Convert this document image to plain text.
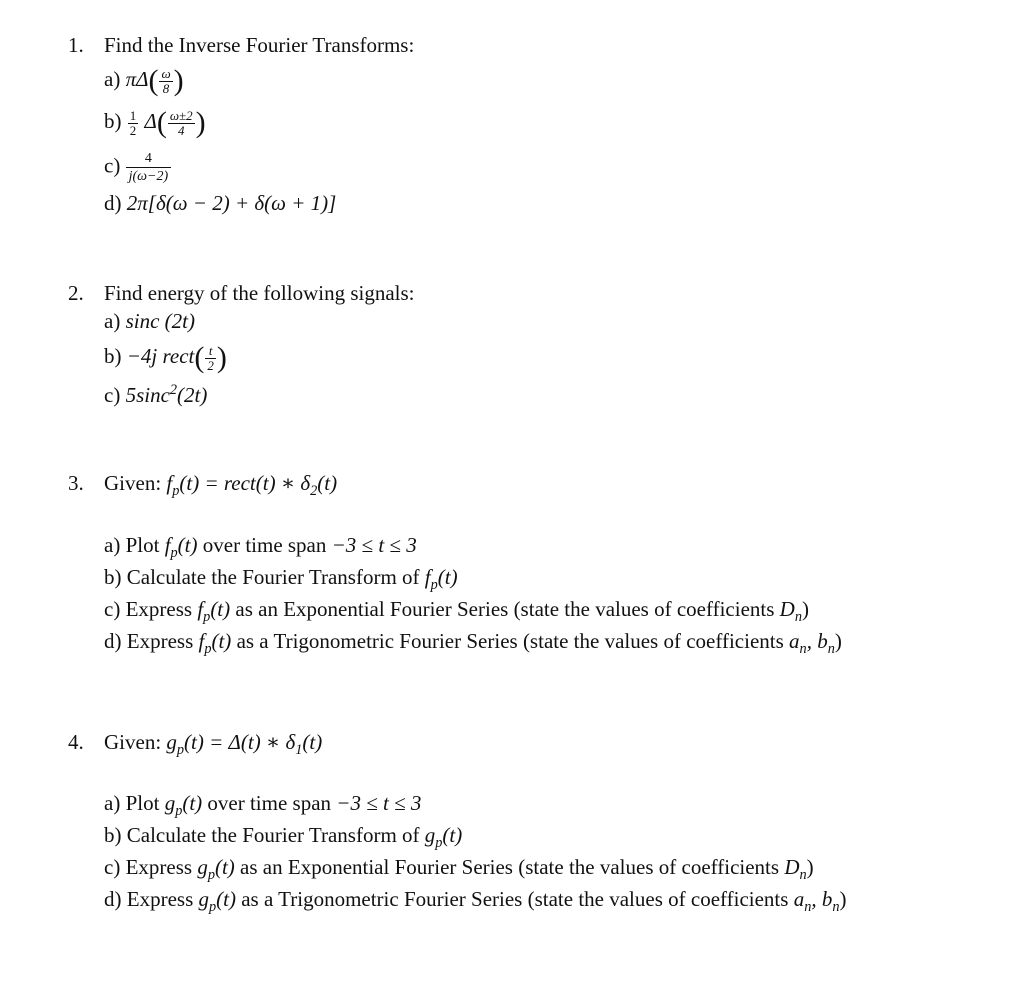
1. Find the Inverse Fourier Transforms:
a) $\pi\Delta( \frac{\omega}{8}$ )
$b) \frac{1}{2} \Delta( \frac{\omega\pm 2}{4}$ )
$c) \frac{4}{j(\omega-2)}$
d) 2π[δ(ω − 2) + δ(ω + 1)]
2. Find energy of the following signals:
a) sinc (2t)
b) −4j rect( $\frac{t}{2}$ )
c) 5sinc$^2$(2t)
3. Given: $f_p(t)$ = rect(t) ∗ $\delta_2(t)$
a) Plot $f_p(t)$ over time span −3 ≤ t ≤ 3
b) Calculate the Fourier Transform of $f_p(t)$
c) Express $f_p(t)$ as an Exponential Fourier Series (state the values of coefficients $D_n$)
d) Express $f_p(t)$ as a Trigonometric Fourier Series (state the values of coefficients $a_n$, $b_n$)
4. Given: $g_p(t) = \Delta(t)$ ∗ $\delta_1(t)$
a) Plot $g_p(t)$ over time span −3 ≤ t ≤ 3
b) Calculate the Fourier Transform of $g_p(t)$
c) Express $g_p(t)$ as an Exponential Fourier Series (state the values of coefficients $D_n$)
d) Express $g_p(t)$ as a Trigonometric Fourier Series (state the values of coefficients $a_n$, $b_n$)
